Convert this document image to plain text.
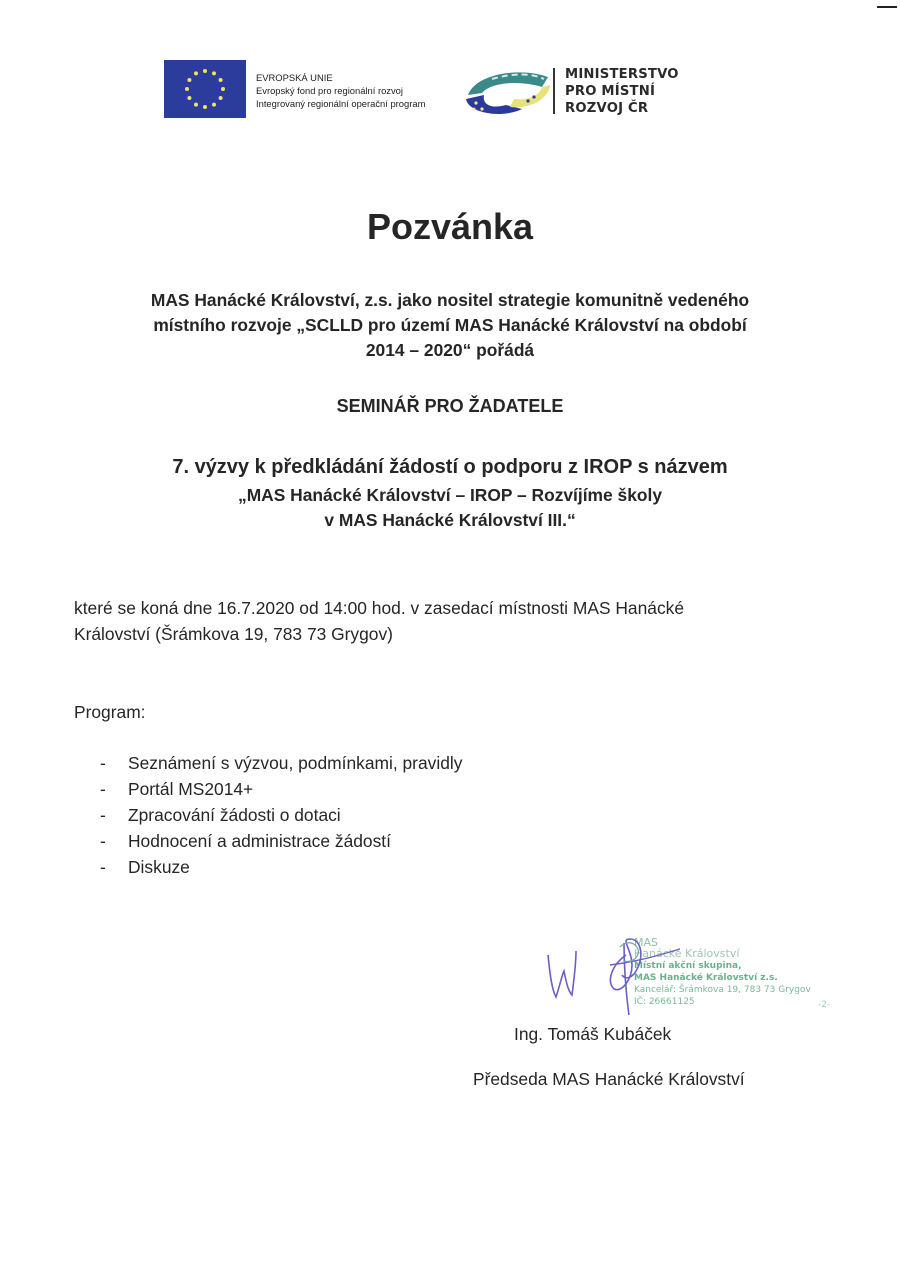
EVROPSKÁ UNIE
Evropský fond pro regionální rozvoj
Integrovaný regionální operační program
MINISTERSTVO
PRO MÍSTNÍ
ROZVOJ ČR
Pozvánka
MAS Hanácké Království, z.s. jako nositel strategie komunitně vedeného
místního rozvoje „SCLLD pro území MAS Hanácké Království na období
2014 – 2020“ pořádá
SEMINÁŘ PRO ŽADATELE
7. výzvy k předkládání žádostí o podporu z IROP s názvem
„MAS Hanácké Království – IROP – Rozvíjíme školy
v MAS Hanácké Království III.“
které se koná dne 16.7.2020 od 14:00 hod. v zasedací místnosti MAS Hanácké
Království (Šrámkova 19, 783 73 Grygov)
Program:
-	Seznámení s výzvou, podmínkami, pravidly
-	Portál MS2014+
-	Zpracování žádosti o dotaci
-	Hodnocení a administrace žádostí
-	Diskuze
MAS
Hanácké Království
Místní akční skupina,
MAS Hanácké Království z.s.
Kancelář: Šrámkova 19, 783 73 Grygov
IČ: 26661125	-2-
Ing. Tomáš Kubáček
Předseda MAS Hanácké Království
